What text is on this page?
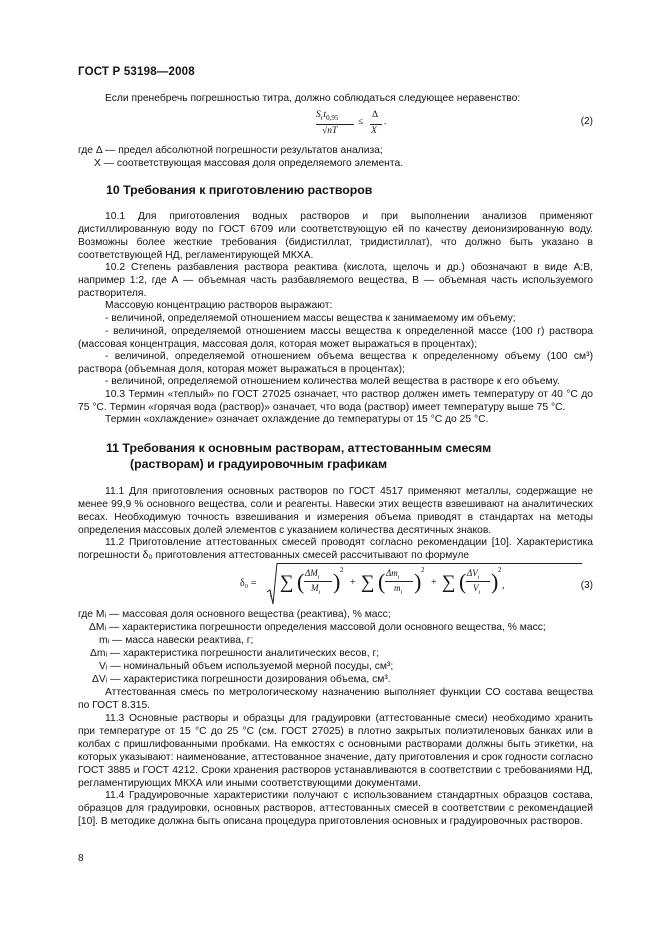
ГОСТ Р 53198—2008
Если пренебречь погрешностью титра, должно соблюдаться следующее неравенство:
$S_rt_{0,95}$
√nT
≤
Δ
X
.	(2)
где Δ — предел абсолютной погрешности результатов анализа;
X — соответствующая массовая доля определяемого элемента.
10 Требования к приготовлению растворов
10.1 Для приготовления водных растворов и при выполнении анализов применяют дистиллированную воду по ГОСТ 6709 или соответствующую ей по качеству деионизированную воду. Возможны более жесткие требования (бидистиллат, тридистиллат), что должно быть указано в соответствующей НД, регламентирующей МКХА.
10.2 Степень разбавления раствора реактива (кислота, щелочь и др.) обозначают в виде А:В, например 1:2, где А — объемная часть разбавляемого вещества, В — объемная часть используемого растворителя.
Массовую концентрацию растворов выражают:
- величиной, определяемой отношением массы вещества к занимаемому им объему;
- величиной, определяемой отношением массы вещества к определенной массе (100 г) раствора (массовая концентрация, массовая доля, которая может выражаться в процентах);
- величиной, определяемой отношением объема вещества к определенному объему (100 см³) раствора (объемная доля, которая может выражаться в процентах);
- величиной, определяемой отношением количества молей вещества в растворе к его объему.
10.3 Термин «теплый» по ГОСТ 27025 означает, что раствор должен иметь температуру от 40 °С до 75 °С. Термин «горячая вода (раствор)» означает, что вода (раствор) имеет температуру выше 75 °С.
Термин «охлаждение» означает охлаждение до температуры от 15 °С до 25 °С.
11 Требования к основным растворам, аттестованным смесям
(растворам) и градуировочным графикам
11.1 Для приготовления основных растворов по ГОСТ 4517 применяют металлы, содержащие не менее 99,9 % основного вещества, соли и реагенты. Навески этих веществ взвешивают на аналитических весах. Необходимую точность взвешивания и измерения объема приводят в стандартах на методы определения массовых долей элементов с указанием количества десятичных знаков.
11.2 Приготовление аттестованных смесей проводят согласно рекомендации [10]. Характеристика погрешности δ₀ приготовления аттестованных смесей рассчитывают по формуле
δ₀ =
1
∑ ( $\Delta M_i$
$M_i$ ) 2
+ ∑ ( $\Delta m_i$
$m_i$ ) 2
+ ∑ ( $\Delta V_i$
$V_i$ ) 2
,	(3)
где Mᵢ — массовая доля основного вещества (реактива), % масс;
ΔMᵢ — характеристика погрешности определения массовой доли основного вещества, % масс;
mᵢ — масса навески реактива, г;
Δmᵢ — характеристика погрешности аналитических весов, г;
Vᵢ — номинальный объем используемой мерной посуды, см³;
ΔVᵢ — характеристика погрешности дозирования объема, см³.
Аттестованная смесь по метрологическому назначению выполняет функции СО состава вещества по ГОСТ 8.315.
11.3 Основные растворы и образцы для градуировки (аттестованные смеси) необходимо хранить при температуре от 15 °С до 25 °С (см. ГОСТ 27025) в плотно закрытых полиэтиленовых банках или в колбах с пришлифованными пробками. На емкостях с основными растворами должны быть этикетки, на которых указывают: наименование, аттестованное значение, дату приготовления и срок годности согласно ГОСТ 3885 и ГОСТ 4212. Сроки хранения растворов устанавливаются в соответствии с требованиями НД, регламентирующих МКХА или иными соответствующими документами.
11.4 Градуировочные характеристики получают с использованием стандартных образцов состава, образцов для градуировки, основных растворов, аттестованных смесей в соответствии с рекомендацией [10]. В методике должна быть описана процедура приготовления основных и градуировочных растворов.
8
